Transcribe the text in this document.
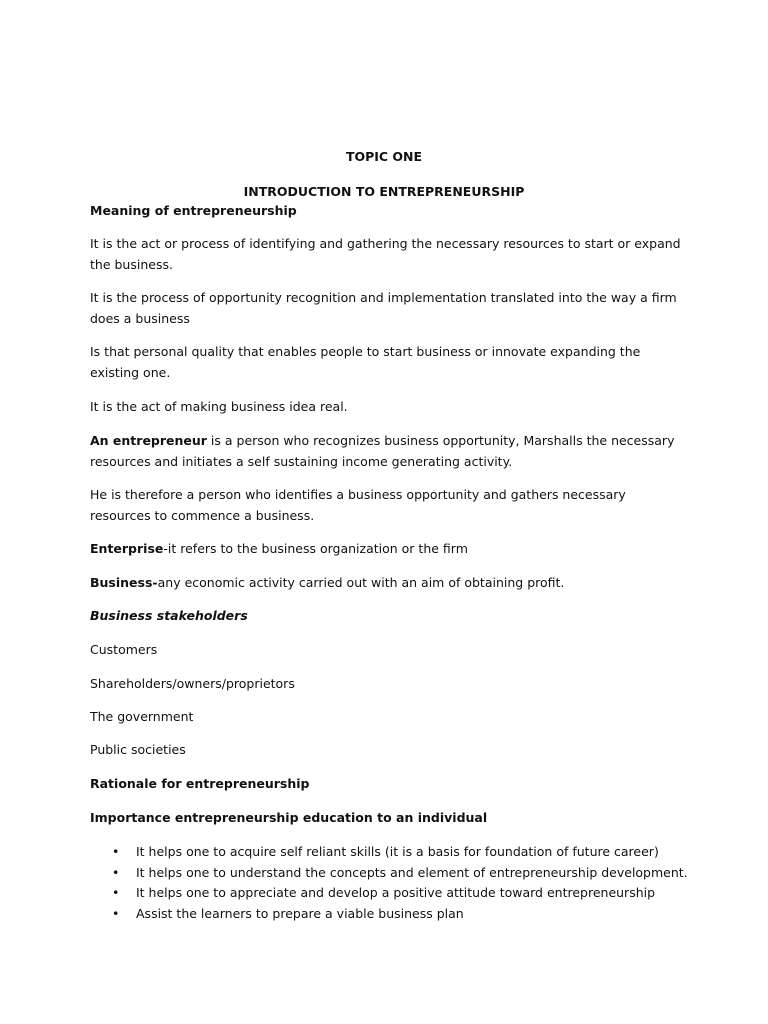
TOPIC ONE
INTRODUCTION TO ENTREPRENEURSHIP
Meaning of entrepreneurship
It is the act or process of identifying and gathering the necessary resources to start or expand the business.
It is the process of opportunity recognition and implementation translated into the way a firm does a business
Is that personal quality that enables people to start business or innovate expanding the existing one.
It is the act of making business idea real.
An entrepreneur is a person who recognizes business opportunity, Marshalls the necessary resources and initiates a self sustaining income generating activity.
He is therefore a person who identifies a business opportunity and gathers necessary resources to commence a business.
Enterprise-it refers to the business organization or the firm
Business-any economic activity carried out with an aim of obtaining profit.
Business stakeholders
Customers
Shareholders/owners/proprietors
The government
Public societies
Rationale for entrepreneurship
Importance entrepreneurship education to an individual
• It helps one to acquire self reliant skills (it is a basis for foundation of future career)
• It helps one to understand the concepts and element of entrepreneurship development.
• It helps one to appreciate and develop a positive attitude toward entrepreneurship
• Assist the learners to prepare a viable business plan
